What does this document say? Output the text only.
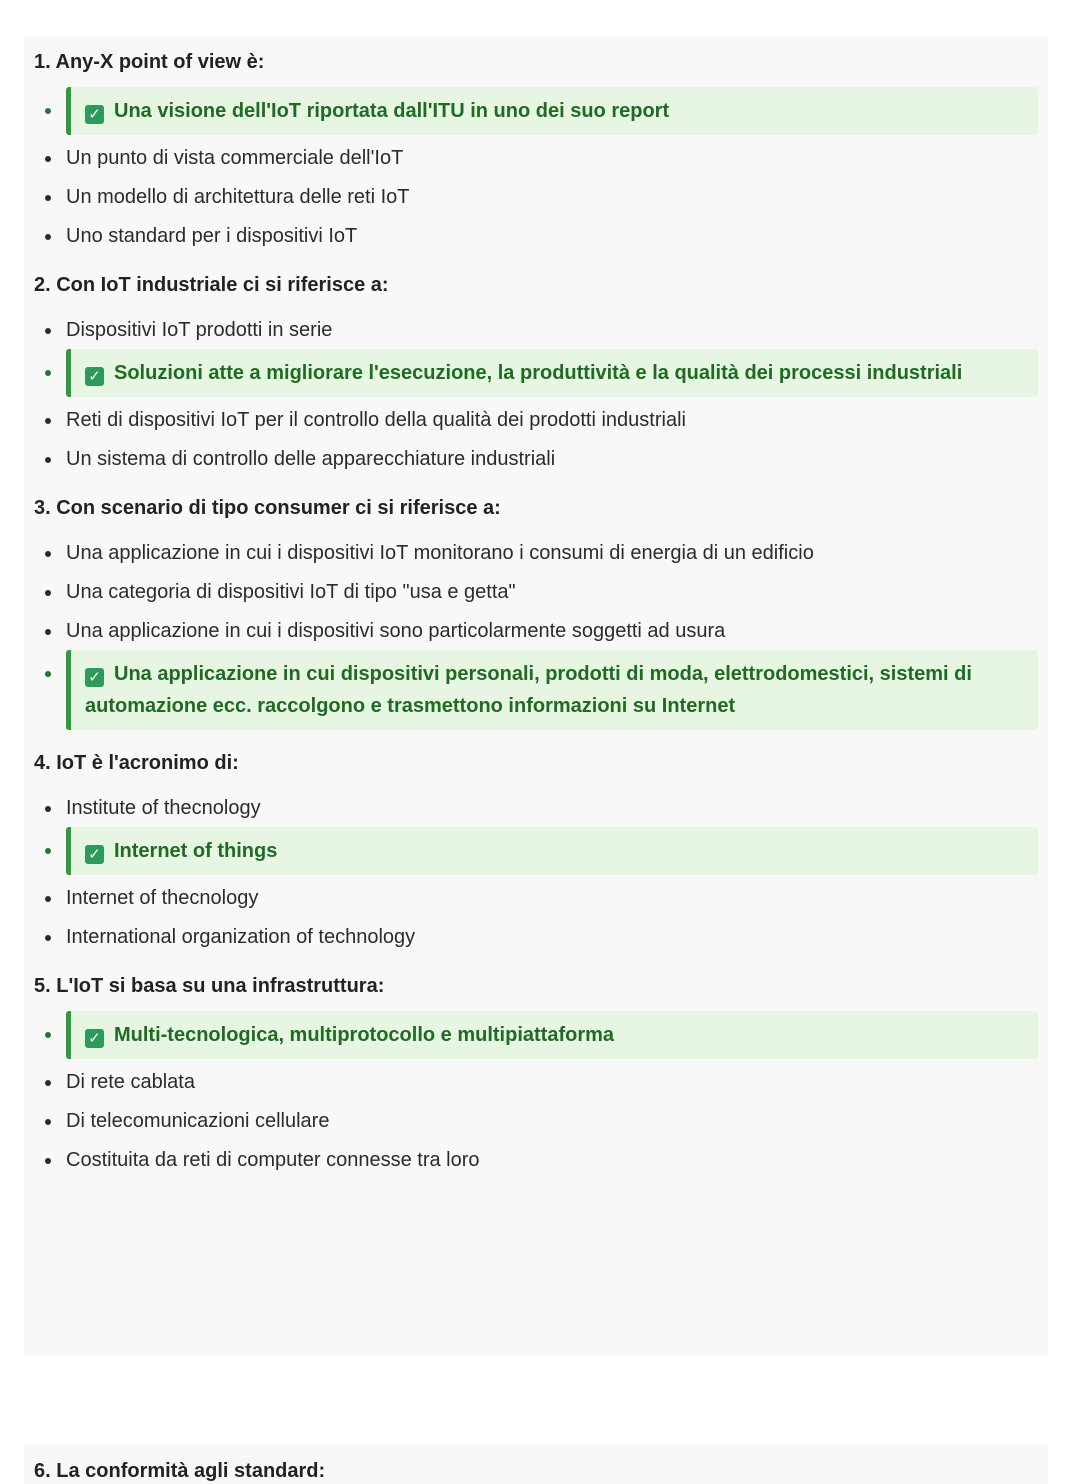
1. Any-X point of view è:

✓ Una visione dell'IoT riportata dall'ITU in uno dei suo report
Un punto di vista commerciale dell'IoT
Un modello di architettura delle reti IoT
Uno standard per i dispositivi IoT

2. Con IoT industriale ci si riferisce a:

Dispositivi IoT prodotti in serie
✓ Soluzioni atte a migliorare l'esecuzione, la produttività e la qualità dei processi industriali
Reti di dispositivi IoT per il controllo della qualità dei prodotti industriali
Un sistema di controllo delle apparecchiature industriali

3. Con scenario di tipo consumer ci si riferisce a:

Una applicazione in cui i dispositivi IoT monitorano i consumi di energia di un edificio
Una categoria di dispositivi IoT di tipo "usa e getta"
Una applicazione in cui i dispositivi sono particolarmente soggetti ad usura
✓ Una applicazione in cui dispositivi personali, prodotti di moda, elettrodomestici, sistemi di automazione ecc. raccolgono e trasmettono informazioni su Internet

4. IoT è l'acronimo di:

Institute of thecnology
✓ Internet of things
Internet of thecnology
International organization of technology

5. L'IoT si basa su una infrastruttura:

✓ Multi-tecnologica, multiprotocollo e multipiattaforma
Di rete cablata
Di telecomunicazioni cellulare
Costituita da reti di computer connesse tra loro

6. La conformità agli standard:
